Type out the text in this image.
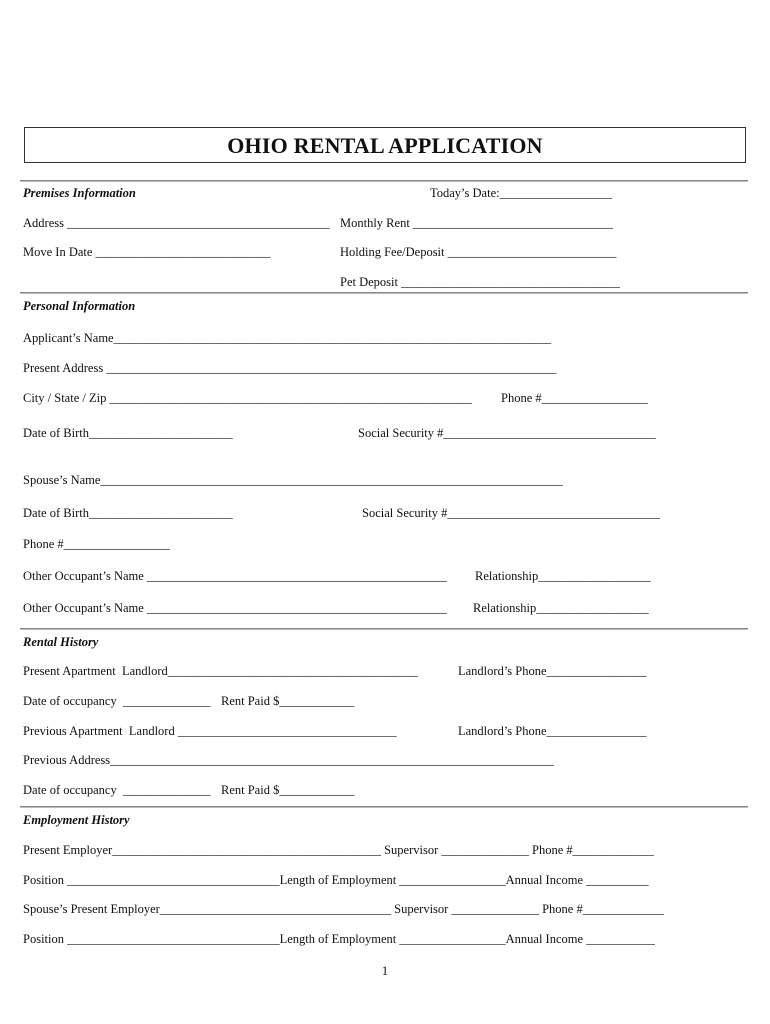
OHIO RENTAL APPLICATION
Premises Information	Today’s Date:__________________
Address __________________________________________ Monthly Rent ________________________________
Move In Date ____________________________	Holding Fee/Deposit ___________________________
Pet Deposit ___________________________________
Personal Information
Applicant’s Name______________________________________________________________________
Present Address ________________________________________________________________________
City / State / Zip __________________________________________________________ Phone #_________________
Date of Birth_______________________	Social Security #__________________________________
Spouse’s Name__________________________________________________________________________
Date of Birth_______________________	Social Security #__________________________________
Phone #_________________
Other Occupant’s Name ________________________________________________ Relationship__________________
Other Occupant’s Name ________________________________________________ Relationship__________________
Rental History
Present Apartment  Landlord________________________________________	Landlord’s Phone________________
Date of occupancy  ______________ Rent Paid $____________
Previous Apartment  Landlord ___________________________________	Landlord’s Phone________________
Previous Address_______________________________________________________________________
Date of occupancy  ______________ Rent Paid $____________
Employment History
Present Employer___________________________________________ Supervisor ______________ Phone #_____________
Position __________________________________Length of Employment _________________Annual Income __________
Spouse’s Present Employer_____________________________________ Supervisor ______________ Phone #_____________
Position __________________________________Length of Employment _________________Annual Income ___________
1
